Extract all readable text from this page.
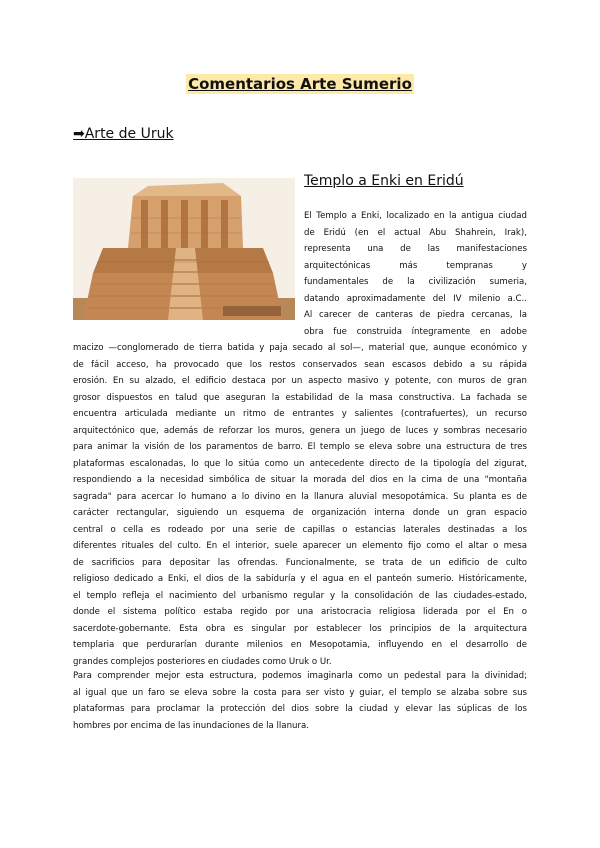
Comentarios Arte Sumerio
➡Arte de Uruk
Templo a Enki en Eridú
El Templo a Enki, localizado en la antigua ciudad
de Eridú (en el actual Abu Shahrein, Irak),
representa una de las manifestaciones
arquitectónicas más tempranas y
fundamentales de la civilización sumeria,
datando aproximadamente del IV milenio a.C..
Al carecer de canteras de piedra cercanas, la
obra fue construida íntegramente en adobe
macizo —conglomerado de tierra batida y paja secado al sol—, material que, aunque económico y
de fácil acceso, ha provocado que los restos conservados sean escasos debido a su rápida
erosión. En su alzado, el edificio destaca por un aspecto masivo y potente, con muros de gran
grosor dispuestos en talud que aseguran la estabilidad de la masa constructiva. La fachada se
encuentra articulada mediante un ritmo de entrantes y salientes (contrafuertes), un recurso
arquitectónico que, además de reforzar los muros, genera un juego de luces y sombras necesario
para animar la visión de los paramentos de barro. El templo se eleva sobre una estructura de tres
plataformas escalonadas, lo que lo sitúa como un antecedente directo de la tipología del zigurat,
respondiendo a la necesidad simbólica de situar la morada del dios en la cima de una "montaña
sagrada" para acercar lo humano a lo divino en la llanura aluvial mesopotámica. Su planta es de
carácter rectangular, siguiendo un esquema de organización interna donde un gran espacio
central o cella es rodeado por una serie de capillas o estancias laterales destinadas a los
diferentes rituales del culto. En el interior, suele aparecer un elemento fijo como el altar o mesa
de sacrificios para depositar las ofrendas. Funcionalmente, se trata de un edificio de culto
religioso dedicado a Enki, el dios de la sabiduría y el agua en el panteón sumerio. Históricamente,
el templo refleja el nacimiento del urbanismo regular y la consolidación de las ciudades-estado,
donde el sistema político estaba regido por una aristocracia religiosa liderada por el En o
sacerdote-gobernante. Esta obra es singular por establecer los principios de la arquitectura
templaria que perdurarían durante milenios en Mesopotamia, influyendo en el desarrollo de
grandes complejos posteriores en ciudades como Uruk o Ur.
Para comprender mejor esta estructura, podemos imaginarla como un pedestal para la divinidad;
al igual que un faro se eleva sobre la costa para ser visto y guiar, el templo se alzaba sobre sus
plataformas para proclamar la protección del dios sobre la ciudad y elevar las súplicas de los
hombres por encima de las inundaciones de la llanura.
